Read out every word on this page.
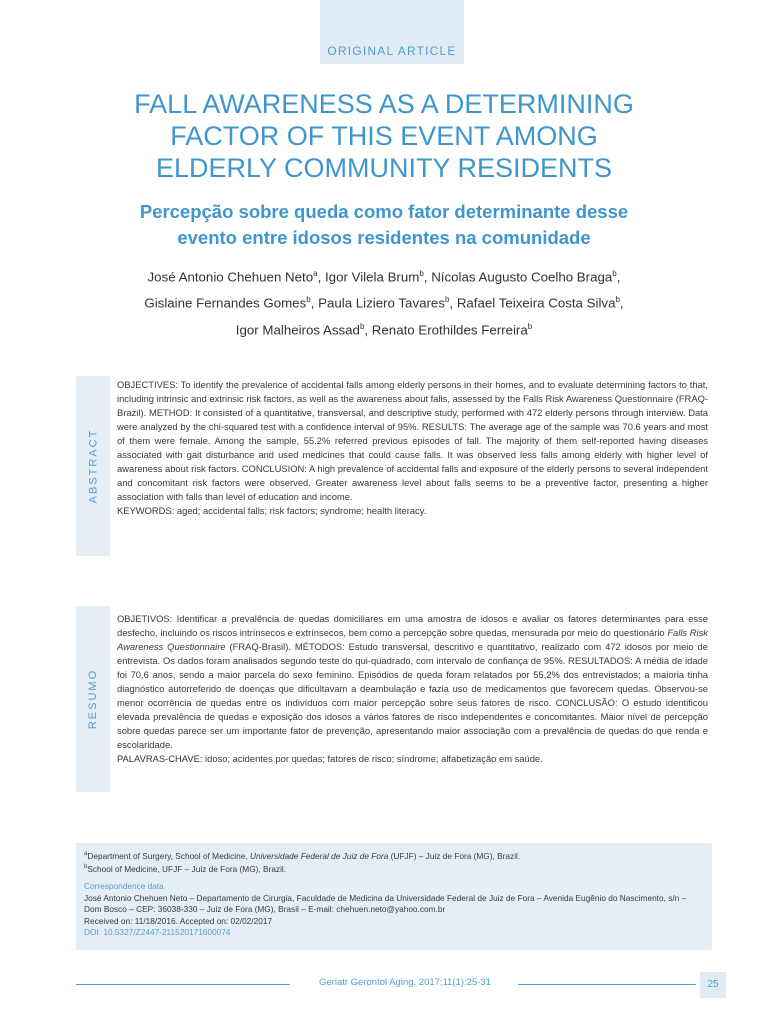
ORIGINAL ARTICLE
FALL AWARENESS AS A DETERMINING
FACTOR OF THIS EVENT AMONG
ELDERLY COMMUNITY RESIDENTS
Percepção sobre queda como fator determinante desse
evento entre idosos residentes na comunidade
José Antonio Chehuen Neto$^a$, Igor Vilela Brum$^b$, Nícolas Augusto Coelho Braga$^b$,
Gislaine Fernandes Gomes$^b$, Paula Liziero Tavares$^b$, Rafael Teixeira Costa Silva$^b$,
Igor Malheiros Assad$^b$, Renato Erothildes Ferreira$^b$
ABSTRACT

OBJECTIVES: To identify the prevalence of accidental falls among elderly persons in their homes, and to evaluate determining factors to that, including intrinsic and extrinsic risk factors, as well as the awareness about falls, assessed by the Falls Risk Awareness Questionnaire (FRAQ-Brazil). METHOD: It consisted of a quantitative, transversal, and descriptive study, performed with 472 elderly persons through interview. Data were analyzed by the chi-squared test with a confidence interval of 95%. RESULTS: The average age of the sample was 70.6 years and most of them were female. Among the sample, 55.2% referred previous episodes of fall. The majority of them self-reported having diseases associated with gait disturbance and used medicines that could cause falls. It was observed less falls among elderly with higher level of awareness about risk factors. CONCLUSION: A high prevalence of accidental falls and exposure of the elderly persons to several independent and concomitant risk factors were observed. Greater awareness level about falls seems to be a preventive factor, presenting a higher association with falls than level of education and income.

KEYWORDS: aged; accidental falls; risk factors; syndrome; health literacy.

RESUMO

OBJETIVOS: Identificar a prevalência de quedas domiciliares em uma amostra de idosos e avaliar os fatores determinantes para esse desfecho, incluindo os riscos intrínsecos e extrínsecos, bem como a percepção sobre quedas, mensurada por meio do questionário Falls Risk Awareness Questionnaire (FRAQ-Brasil). MÉTODOS: Estudo transversal, descritivo e quantitativo, realizado com 472 idosos por meio de entrevista. Os dados foram analisados segundo teste do qui-quadrado, com intervalo de confiança de 95%. RESULTADOS: A média de idade foi 70,6 anos, sendo a maior parcela do sexo feminino. Episódios de queda foram relatados por 55,2% dos entrevistados; a maioria tinha diagnóstico autorreferido de doenças que dificultavam a deambulação e fazia uso de medicamentos que favorecem quedas. Observou-se menor ocorrência de quedas entre os indivíduos com maior percepção sobre seus fatores de risco. CONCLUSÃO: O estudo identificou elevada prevalência de quedas e exposição dos idosos a vários fatores de risco independentes e concomitantes. Maior nível de percepção sobre quedas parece ser um importante fator de prevenção, apresentando maior associação com a prevalência de quedas do que renda e escolaridade.

PALAVRAS-CHAVE: idoso; acidentes por quedas; fatores de risco; síndrome; alfabetização em saúde.

$^a$Department of Surgery, School of Medicine, Universidade Federal de Juiz de Fora (UFJF) – Juiz de Fora (MG), Brazil.

$^b$School of Medicine, UFJF – Juiz de Fora (MG), Brazil.

Correspondence data

José Antonio Chehuen Neto – Departamento de Cirurgia, Faculdade de Medicina da Universidade Federal de Juiz de Fora – Avenida Eugênio do Nascimento, s/n – Dom Bosco – CEP: 36038-330 – Juiz de Fora (MG), Brasil – E-mail: chehuen.neto@yahoo.com.br

Received on: 11/18/2016. Accepted on: 02/02/2017

DOI: 10.5327/Z2447-211520171600074

Geriatr Gerontol Aging. 2017;11(1):25-31	25
